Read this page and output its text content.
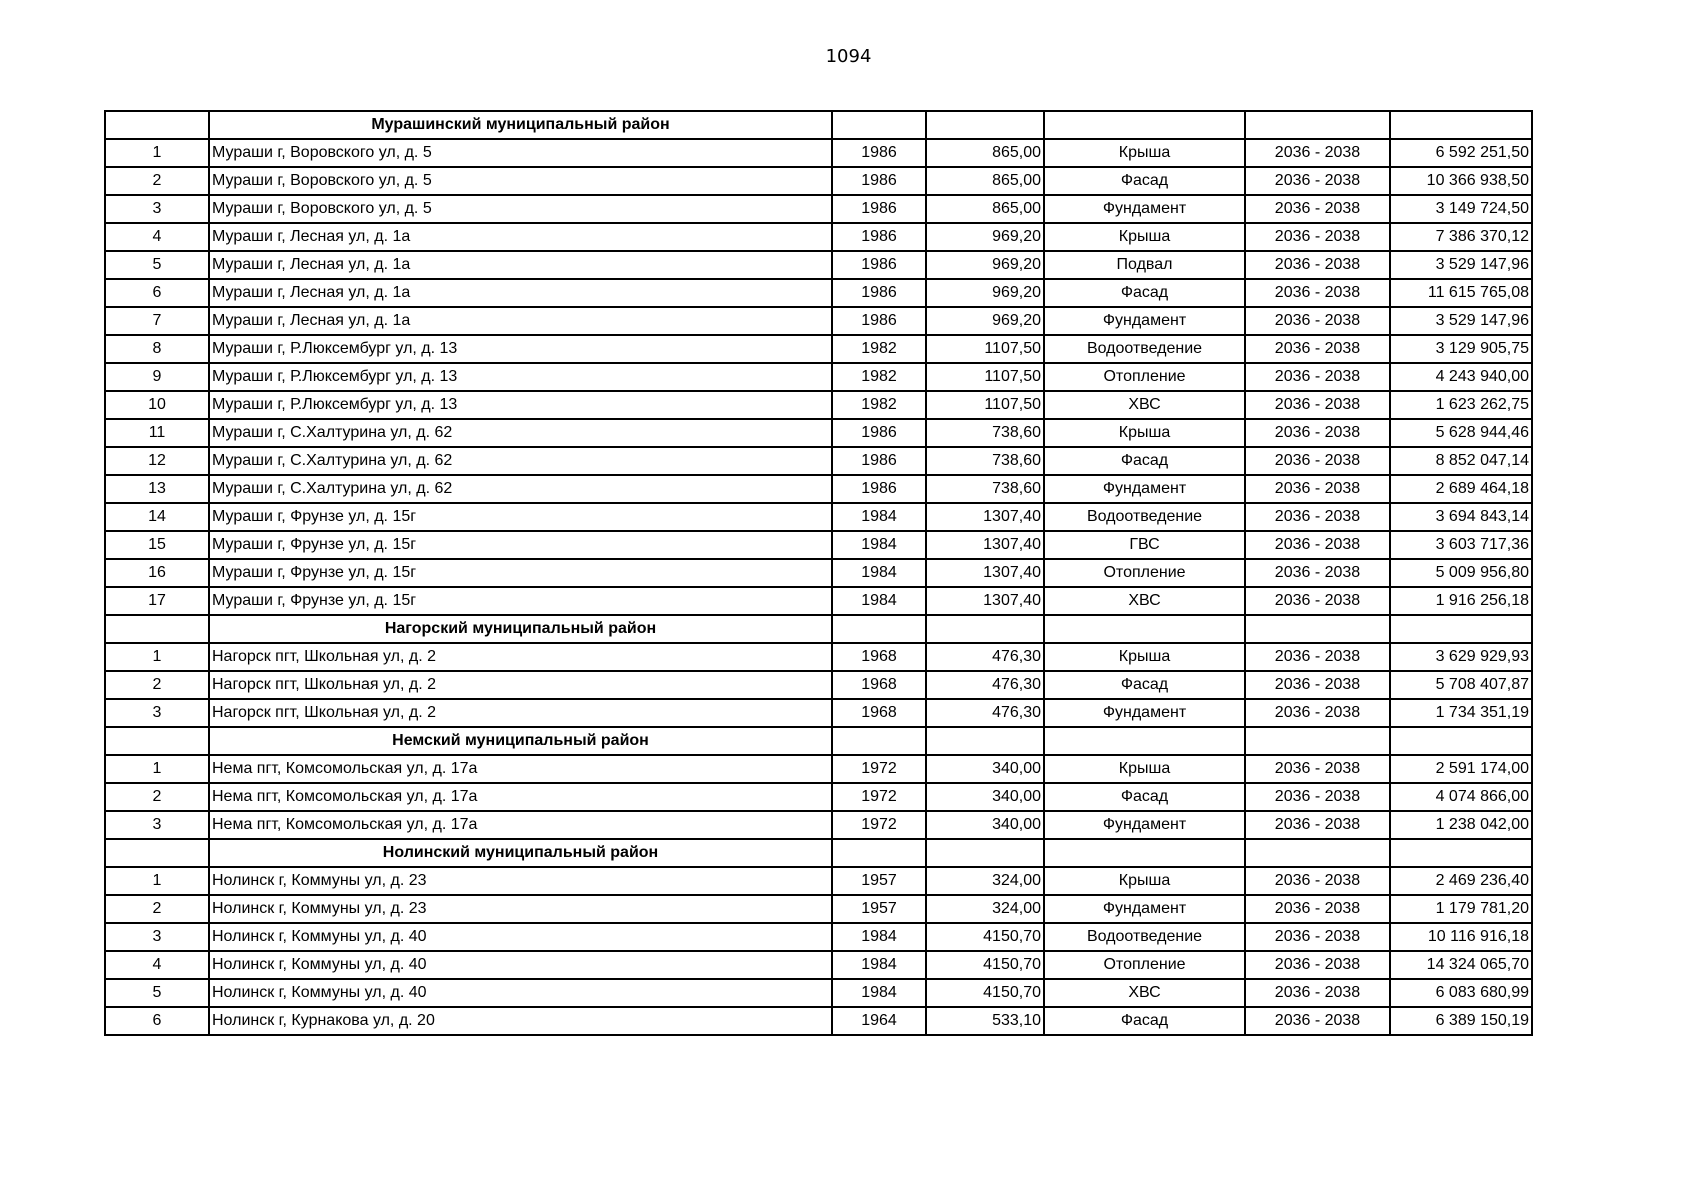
1094
	Мурашинский муниципальный район					
1	Мураши г, Воровского ул, д. 5	1986	865,00	Крыша	2036 - 2038	6 592 251,50
2	Мураши г, Воровского ул, д. 5	1986	865,00	Фасад	2036 - 2038	10 366 938,50
3	Мураши г, Воровского ул, д. 5	1986	865,00	Фундамент	2036 - 2038	3 149 724,50
4	Мураши г, Лесная ул, д. 1а	1986	969,20	Крыша	2036 - 2038	7 386 370,12
5	Мураши г, Лесная ул, д. 1а	1986	969,20	Подвал	2036 - 2038	3 529 147,96
6	Мураши г, Лесная ул, д. 1а	1986	969,20	Фасад	2036 - 2038	11 615 765,08
7	Мураши г, Лесная ул, д. 1а	1986	969,20	Фундамент	2036 - 2038	3 529 147,96
8	Мураши г, Р.Люксембург ул, д. 13	1982	1107,50	Водоотведение	2036 - 2038	3 129 905,75
9	Мураши г, Р.Люксембург ул, д. 13	1982	1107,50	Отопление	2036 - 2038	4 243 940,00
10	Мураши г, Р.Люксембург ул, д. 13	1982	1107,50	ХВС	2036 - 2038	1 623 262,75
11	Мураши г, С.Халтурина ул, д. 62	1986	738,60	Крыша	2036 - 2038	5 628 944,46
12	Мураши г, С.Халтурина ул, д. 62	1986	738,60	Фасад	2036 - 2038	8 852 047,14
13	Мураши г, С.Халтурина ул, д. 62	1986	738,60	Фундамент	2036 - 2038	2 689 464,18
14	Мураши г, Фрунзе ул, д. 15г	1984	1307,40	Водоотведение	2036 - 2038	3 694 843,14
15	Мураши г, Фрунзе ул, д. 15г	1984	1307,40	ГВС	2036 - 2038	3 603 717,36
16	Мураши г, Фрунзе ул, д. 15г	1984	1307,40	Отопление	2036 - 2038	5 009 956,80
17	Мураши г, Фрунзе ул, д. 15г	1984	1307,40	ХВС	2036 - 2038	1 916 256,18
	Нагорский муниципальный район					
1	Нагорск пгт, Школьная ул, д. 2	1968	476,30	Крыша	2036 - 2038	3 629 929,93
2	Нагорск пгт, Школьная ул, д. 2	1968	476,30	Фасад	2036 - 2038	5 708 407,87
3	Нагорск пгт, Школьная ул, д. 2	1968	476,30	Фундамент	2036 - 2038	1 734 351,19
	Немский муниципальный район					
1	Нема пгт, Комсомольская ул, д. 17а	1972	340,00	Крыша	2036 - 2038	2 591 174,00
2	Нема пгт, Комсомольская ул, д. 17а	1972	340,00	Фасад	2036 - 2038	4 074 866,00
3	Нема пгт, Комсомольская ул, д. 17а	1972	340,00	Фундамент	2036 - 2038	1 238 042,00
	Нолинский муниципальный район					
1	Нолинск г, Коммуны ул, д. 23	1957	324,00	Крыша	2036 - 2038	2 469 236,40
2	Нолинск г, Коммуны ул, д. 23	1957	324,00	Фундамент	2036 - 2038	1 179 781,20
3	Нолинск г, Коммуны ул, д. 40	1984	4150,70	Водоотведение	2036 - 2038	10 116 916,18
4	Нолинск г, Коммуны ул, д. 40	1984	4150,70	Отопление	2036 - 2038	14 324 065,70
5	Нолинск г, Коммуны ул, д. 40	1984	4150,70	ХВС	2036 - 2038	6 083 680,99
6	Нолинск г, Курнакова ул, д. 20	1964	533,10	Фасад	2036 - 2038	6 389 150,19
